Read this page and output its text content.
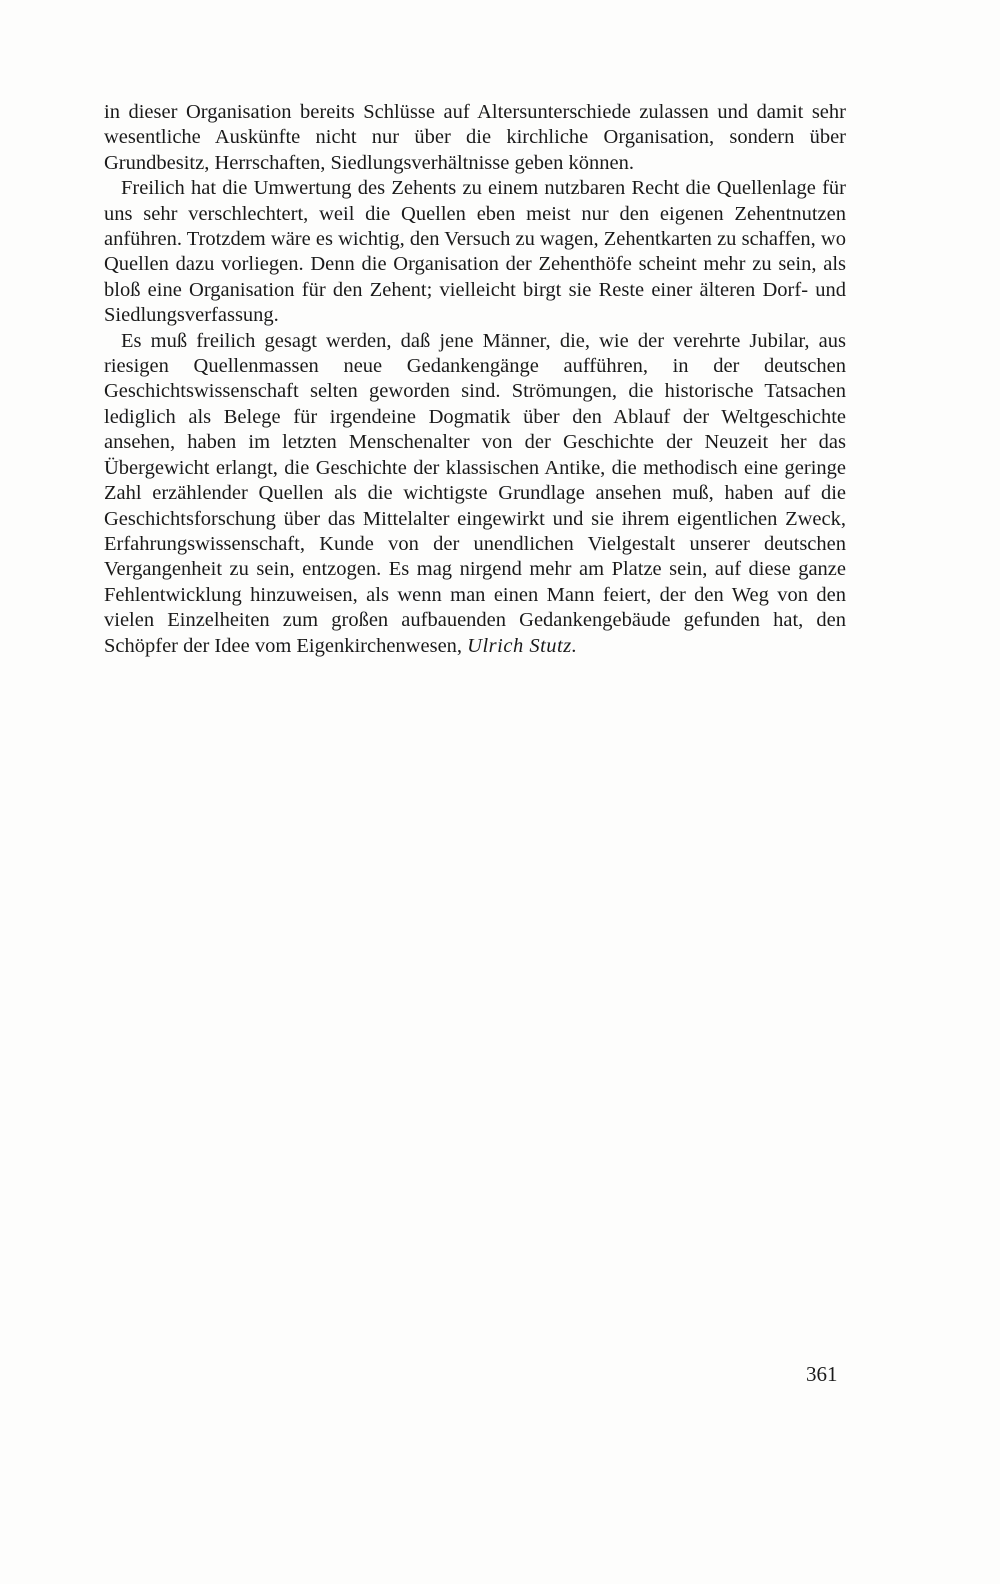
in dieser Organisation bereits Schlüsse auf Altersunterschiede zulassen und damit sehr wesentliche Auskünfte nicht nur über die kirchliche Organisation, sondern über Grundbesitz, Herrschaften, Siedlungsverhältnisse geben können.

Freilich hat die Umwertung des Zehents zu einem nutzbaren Recht die Quellenlage für uns sehr verschlechtert, weil die Quellen eben meist nur den eigenen Zehentnutzen anführen. Trotzdem wäre es wichtig, den Versuch zu wagen, Zehentkarten zu schaffen, wo Quellen dazu vorliegen. Denn die Organisation der Zehenthöfe scheint mehr zu sein, als bloß eine Organisation für den Zehent; vielleicht birgt sie Reste einer älteren Dorf- und Siedlungsverfassung.

Es muß freilich gesagt werden, daß jene Männer, die, wie der verehrte Jubilar, aus riesigen Quellenmassen neue Gedankengänge aufführen, in der deutschen Geschichtswissenschaft selten geworden sind. Strömungen, die historische Tatsachen lediglich als Belege für irgendeine Dogmatik über den Ablauf der Weltgeschichte ansehen, haben im letzten Menschenalter von der Geschichte der Neuzeit her das Übergewicht erlangt, die Geschichte der klassischen Antike, die methodisch eine geringe Zahl erzählender Quellen als die wichtigste Grundlage ansehen muß, haben auf die Geschichtsforschung über das Mittelalter eingewirkt und sie ihrem eigentlichen Zweck, Erfahrungswissenschaft, Kunde von der unendlichen Vielgestalt unserer deutschen Vergangenheit zu sein, entzogen. Es mag nirgend mehr am Platze sein, auf diese ganze Fehlentwicklung hinzuweisen, als wenn man einen Mann feiert, der den Weg von den vielen Einzelheiten zum großen aufbauenden Gedankengebäude gefunden hat, den Schöpfer der Idee vom Eigenkirchenwesen, Ulrich Stutz.

361
